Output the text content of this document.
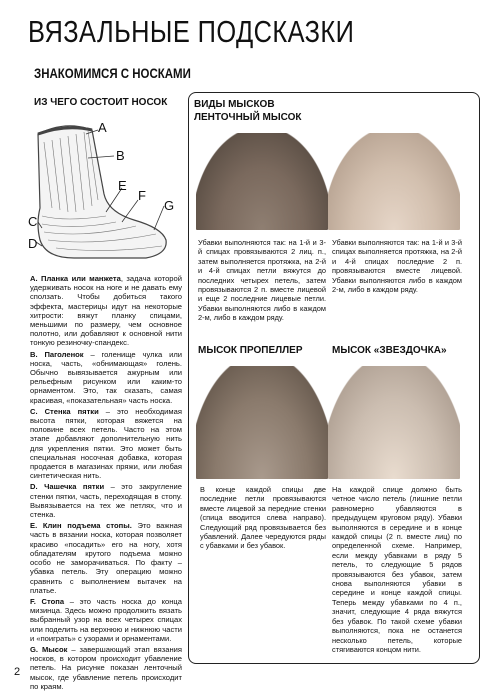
ВЯЗАЛЬНЫЕ ПОДСКАЗКИ
ЗНАКОМИМСЯ С НОСКАМИ
ИЗ ЧЕГО СОСТОИТ НОСОК
A
B
C
D
E
F
G

A. Планка или манжета, задача которой удерживать носок на ноге и не давать ему сползать. Чтобы добиться такого эффекта, мастерицы идут на некоторые хитрости: вяжут планку спицами, меньшими по размеру, чем основное полотно, или добавляют к основной нити тонкую резиночку-спандекс.

B. Паголенок – голенище чулка или носка, часть, «обнимающая» голень. Обычно вывязывается ажурным или рельефным рисунком или каким-то орнаментом. Это, так сказать, самая красивая, «показательная» часть носка.

C. Стенка пятки – это необходимая высота пятки, которая вяжется на половине всех петель. Часто на этом этапе добавляют дополнительную нить для укрепления пятки. Это может быть специальная носочная добавка, которая продается в магазинах пряжи, или любая синтетическая нить.

D. Чашечка пятки – это закругление стенки пятки, часть, переходящая в стопу. Вывязывается на тех же петлях, что и стенка.

E. Клин подъема стопы. Это важная часть в вязании носка, которая позволяет красиво «посадить» его на ногу, хотя обладателям крутого подъема можно особо не заморачиваться. По факту – убавка петель. Эту операцию можно сравнить с выполнением вытачек на платье.

F. Стопа – это часть носка до конца мизинца. Здесь можно продолжить вязать выбранный узор на всех четырех спицах или поделить на верхнюю и нижнюю части и «поиграть» с узорами и орнаментами.

G. Мысок – завершающий этап вязания носков, в котором происходит убавление петель. На рисунке показан ленточный мысок, где убавление петель происходит по краям.

ВИДЫ МЫСКОВ
ЛЕНТОЧНЫЙ МЫСОК
Убавки выполняются так: на 1-й и 3-й спицах провязываются 2 лиц. п., затем выполняется протяжка, на 2-й и 4-й спицах петли вяжутся до последних четырех петель, затем провязываются 2 п. вместе лицевой и еще 2 последние лицевые петли. Убавки выполняются либо в каждом 2-м, либо в каждом ряду.
Убавки выполняются так: на 1-й и 3-й спицах выполняется протяжка, на 2-й и 4-й спицах последние 2 п. провязываются вместе лицевой. Убавки выполняются либо в каждом 2-м, либо в каждом ряду.
МЫСОК ПРОПЕЛЛЕР	МЫСОК «ЗВЕЗДОЧКА»
В конце каждой спицы две последние петли провязываются вместе лицевой за передние стенки (спица вводится слева направо). Следующий ряд провязывается без убавлений. Далее чередуются ряды с убавками и без убавок.
На каждой спице должно быть четное число петель (лишние петли равномерно убавляются в предыдущем круговом ряду). Убавки выполняются в середине и в конце каждой спицы (2 п. вместе лиц) по определенной схеме. Например, если между убавками в ряду 5 петель, то следующие 5 рядов провязываются без убавок, затем снова выполняются убавки в середине и конце каждой спицы. Теперь между убавками по 4 п., значит, следующие 4 ряда вяжутся без убавок. По такой схеме убавки выполняются, пока не останется несколько петель, которые стягиваются концом нити.
2
